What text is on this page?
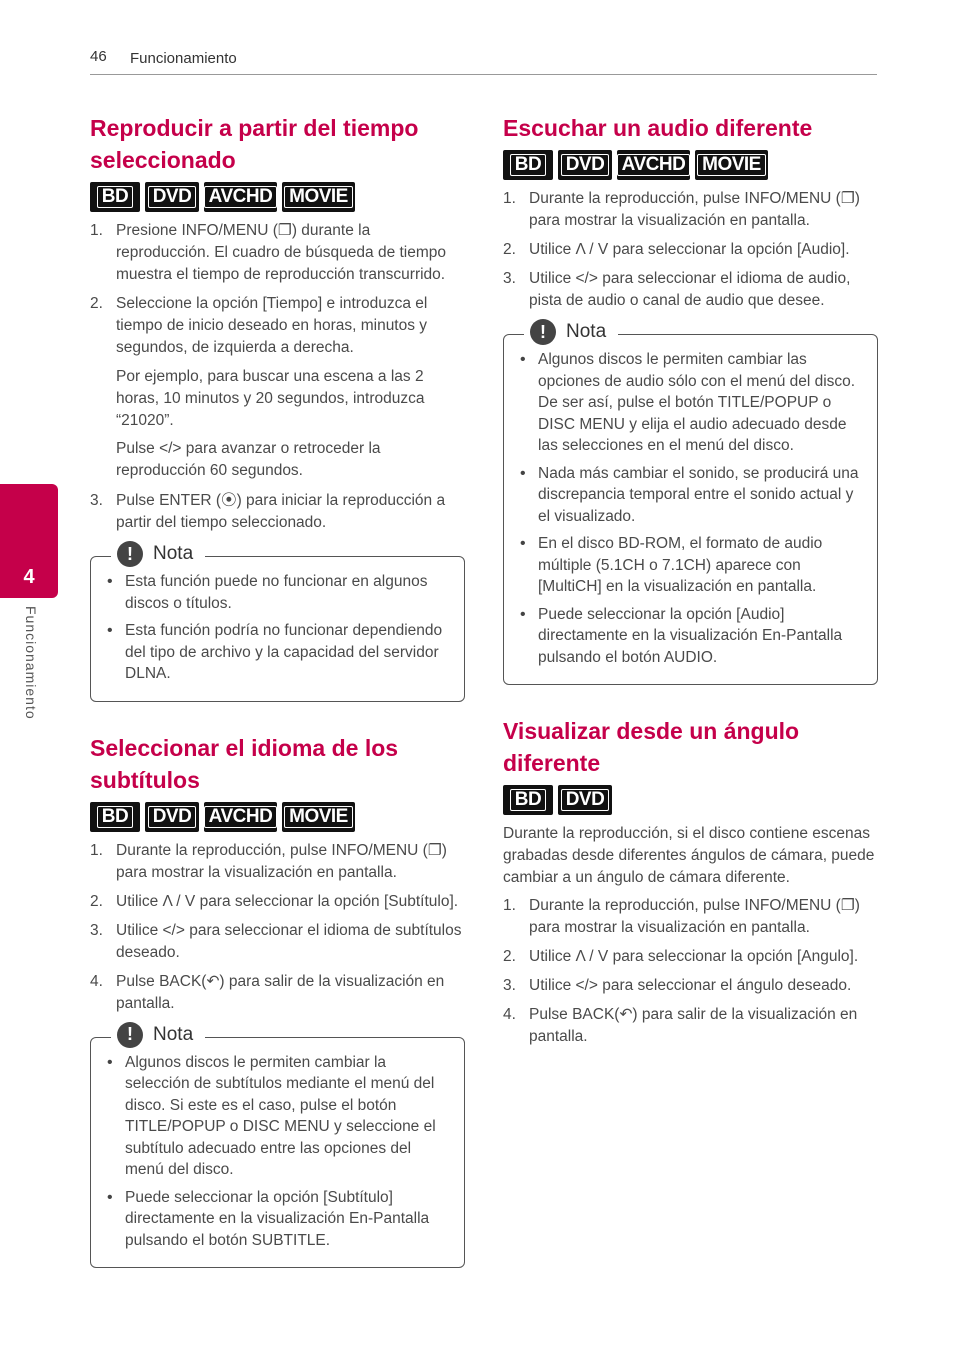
46 Funcionamiento
4
Funcionamiento
Reproducir a partir del tiempo seleccionado
BD DVD AVCHD MOVIE
1. Presione INFO/MENU (❐) durante la reproducción. El cuadro de búsqueda de tiempo muestra el tiempo de reproducción transcurrido.
2. Seleccione la opción [Tiempo] e introduzca el tiempo de inicio deseado en horas, minutos y segundos, de izquierda a derecha.

Por ejemplo, para buscar una escena a las 2 horas, 10 minutos y 20 segundos, introduzca “21020”.

Pulse </> para avanzar o retroceder la reproducción 60 segundos.

3. Pulse ENTER (⦿) para iniciar la reproducción a partir del tiempo seleccionado.
!	Nota
• Esta función puede no funcionar en algunos discos o títulos.
• Esta función podría no funcionar dependiendo del tipo de archivo y la capacidad del servidor DLNA.
Seleccionar el idioma de los subtítulos
BD DVD AVCHD MOVIE
1. Durante la reproducción, pulse INFO/MENU (❐) para mostrar la visualización en pantalla.
2. Utilice Λ / V para seleccionar la opción [Subtítulo].
3. Utilice </> para seleccionar el idioma de subtítulos deseado.
4. Pulse BACK(↶) para salir de la visualización en pantalla.
!	Nota
• Algunos discos le permiten cambiar la selección de subtítulos mediante el menú del disco. Si este es el caso, pulse el botón TITLE/POPUP o DISC MENU y seleccione el subtítulo adecuado entre las opciones del menú del disco.
• Puede seleccionar la opción [Subtítulo] directamente en la visualización En-Pantalla pulsando el botón SUBTITLE.
Escuchar un audio diferente
BD DVD AVCHD MOVIE
1. Durante la reproducción, pulse INFO/MENU (❐) para mostrar la visualización en pantalla.
2. Utilice Λ / V para seleccionar la opción [Audio].
3. Utilice </> para seleccionar el idioma de audio, pista de audio o canal de audio que desee.
!	Nota
• Algunos discos le permiten cambiar las opciones de audio sólo con el menú del disco. De ser así, pulse el botón TITLE/POPUP o DISC MENU y elija el audio adecuado desde las selecciones en el menú del disco.
• Nada más cambiar el sonido, se producirá una discrepancia temporal entre el sonido actual y el visualizado.
• En el disco BD-ROM, el formato de audio múltiple (5.1CH o 7.1CH) aparece con [MultiCH] en la visualización en pantalla.
• Puede seleccionar la opción [Audio] directamente en la visualización En-Pantalla pulsando el botón AUDIO.
Visualizar desde un ángulo diferente
BD DVD

Durante la reproducción, si el disco contiene escenas grabadas desde diferentes ángulos de cámara, puede cambiar a un ángulo de cámara diferente.

1. Durante la reproducción, pulse INFO/MENU (❐) para mostrar la visualización en pantalla.
2. Utilice Λ / V para seleccionar la opción [Angulo].
3. Utilice </> para seleccionar el ángulo deseado.
4. Pulse BACK(↶) para salir de la visualización en pantalla.
